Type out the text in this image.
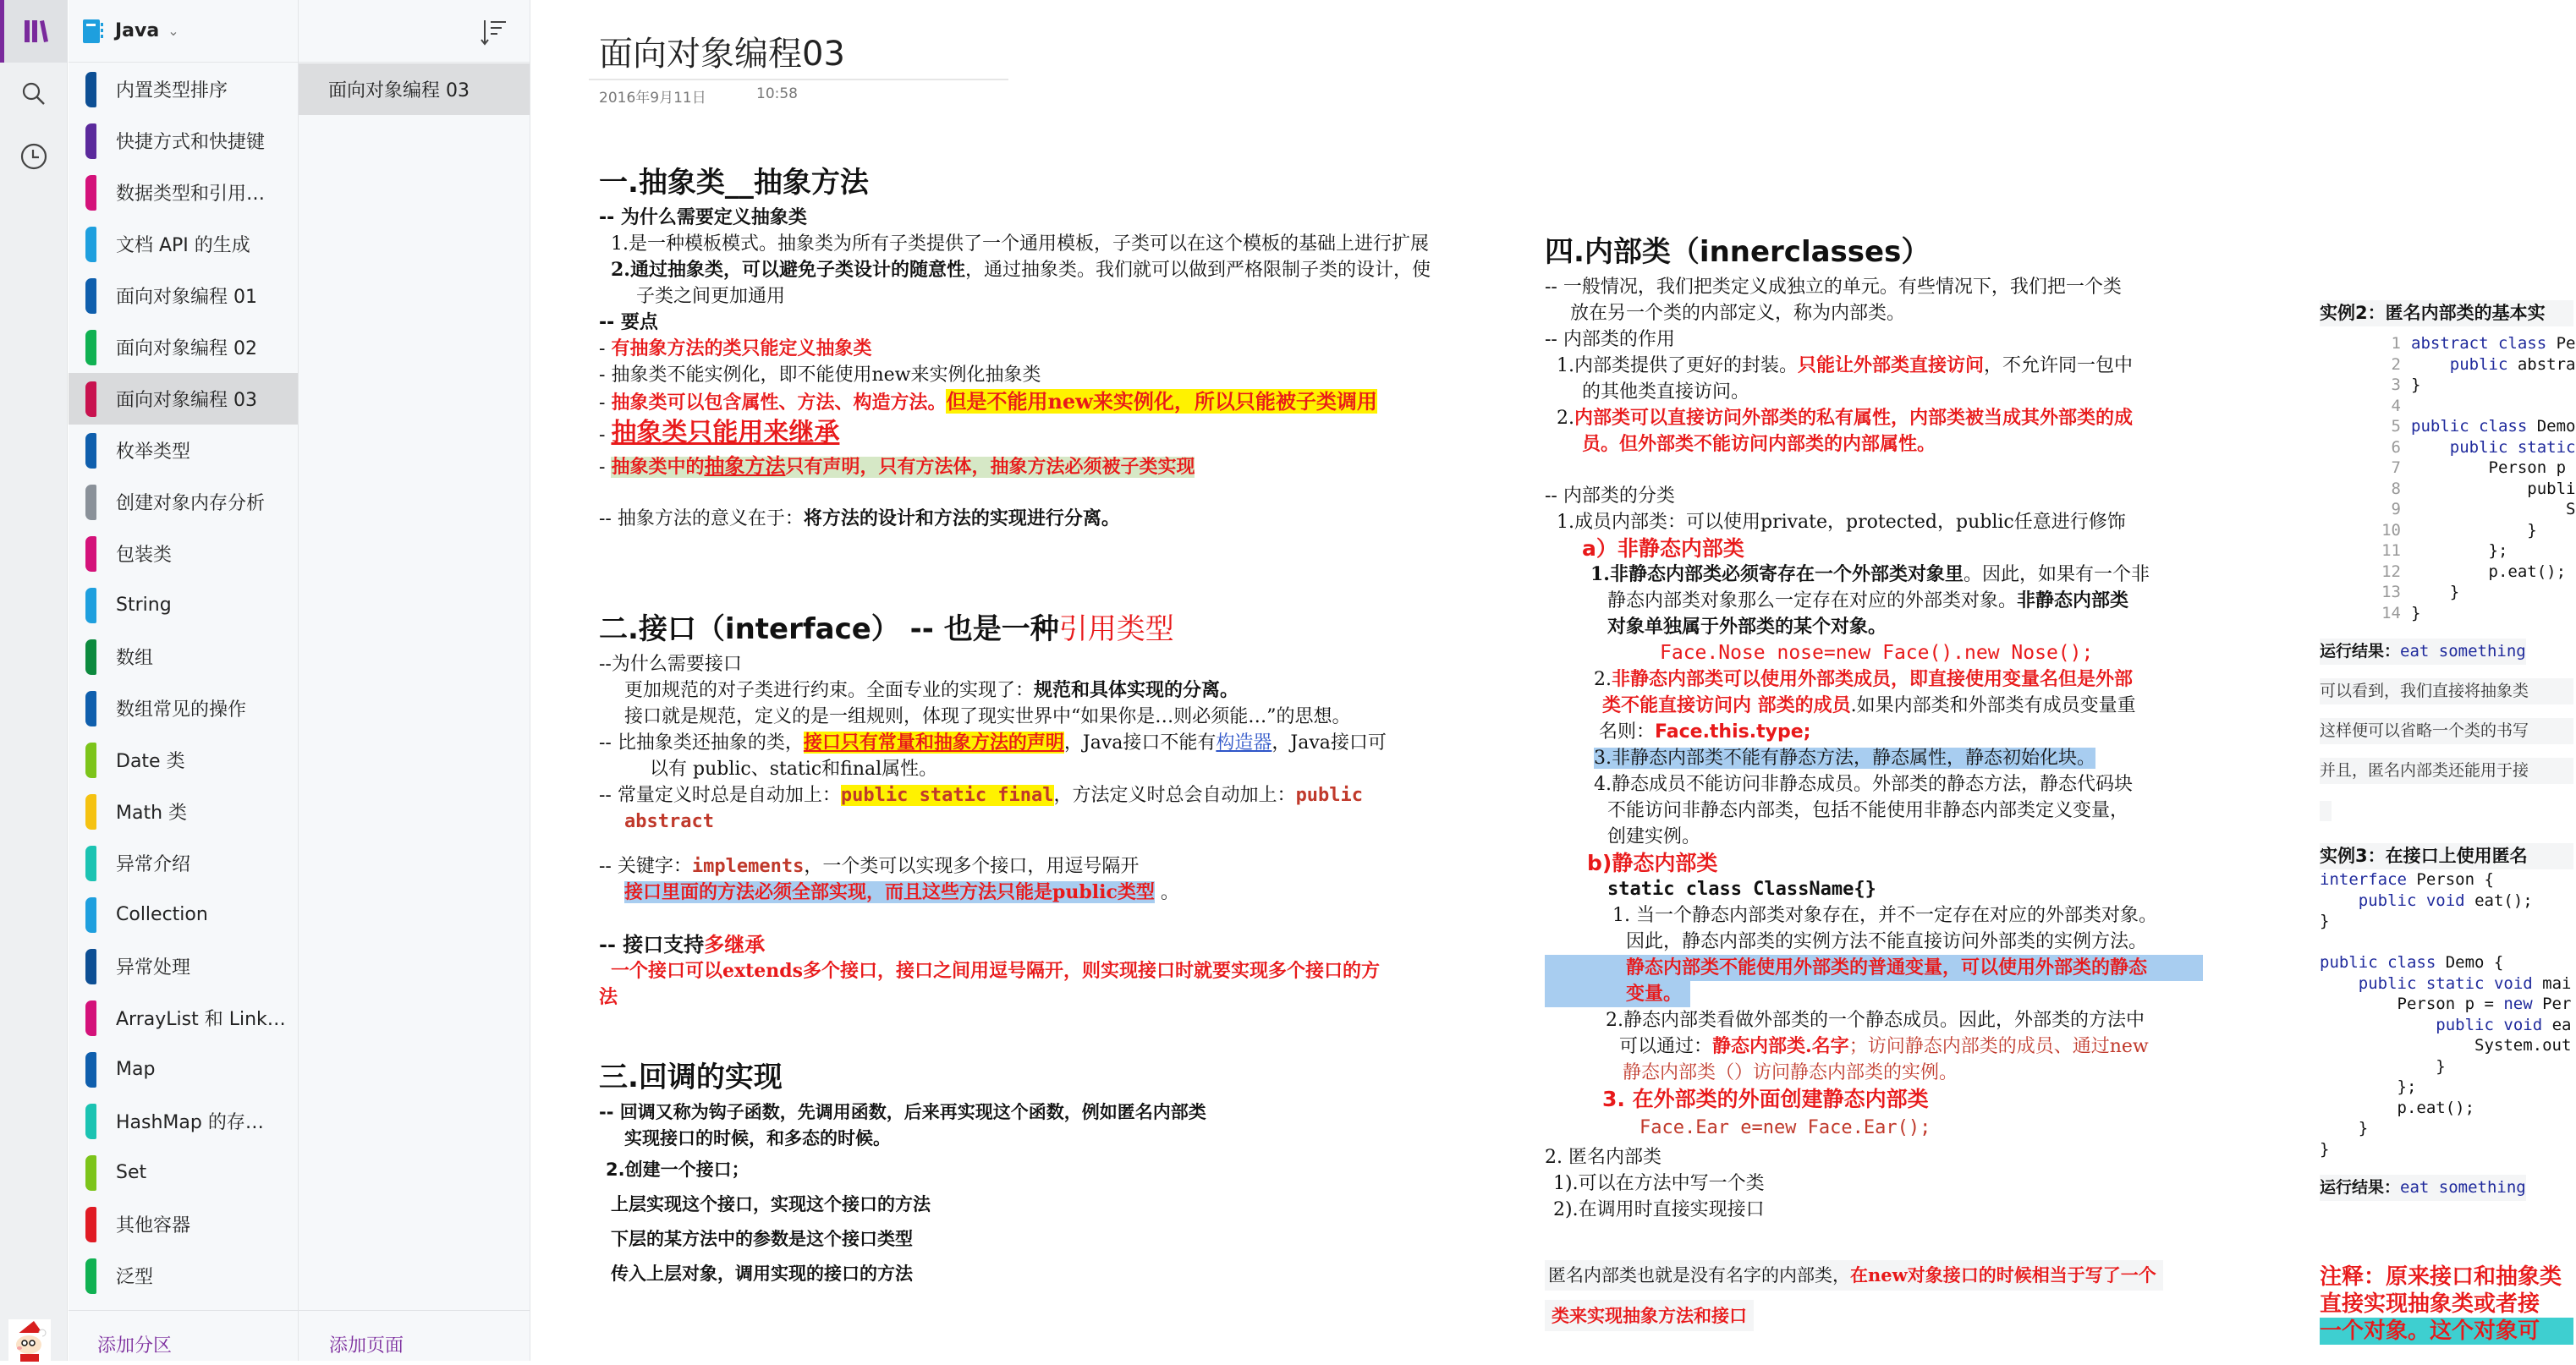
Java ⌄
内置类型排序
快捷方式和快捷键
数据类型和引用…
文档 API 的生成
面向对象编程 01
面向对象编程 02
面向对象编程 03
枚举类型
创建对象内存分析
包装类
String
数组
数组常见的操作
Date 类
Math 类
异常介绍
Collection
异常处理
ArrayList 和 Link…
Map
HashMap 的存…
Set
其他容器
泛型
添加分区
面向对象编程 03
添加页面
面向对象编程03
2016年9月11日	10:58
一.抽象类__抽象方法
-- 为什么需要定义抽象类
1.是一种模板模式。抽象类为所有子类提供了一个通用模板，子类可以在这个模板的基础上进行扩展
2.通过抽象类，可以避免子类设计的随意性，通过抽象类。我们就可以做到严格限制子类的设计，使
子类之间更加通用
-- 要点
- 有抽象方法的类只能定义抽象类
- 抽象类不能实例化，即不能使用new来实例化抽象类
- 抽象类可以包含属性、方法、构造方法。但是不能用new来实例化，所以只能被子类调用
- 抽象类只能用来继承
- 抽象类中的抽象方法只有声明，只有方法体，抽象方法必须被子类实现
-- 抽象方法的意义在于：将方法的设计和方法的实现进行分离。
二.接口（interface） -- 也是一种引用类型
--为什么需要接口
更加规范的对子类进行约束。全面专业的实现了：规范和具体实现的分离。
接口就是规范，定义的是一组规则，体现了现实世界中“如果你是…则必须能…”的思想。
-- 比抽象类还抽象的类，接口只有常量和抽象方法的声明，Java接口不能有构造器，Java接口可
以有 public、static和final属性。
-- 常量定义时总是自动加上：public static final，方法定义时总会自动加上：public
abstract
-- 关键字：implements，一个类可以实现多个接口，用逗号隔开
接口里面的方法必须全部实现，而且这些方法只能是public类型 。
-- 接口支持多继承
一个接口可以extends多个接口，接口之间用逗号隔开，则实现接口时就要实现多个接口的方
法
三.回调的实现
-- 回调又称为钩子函数，先调用函数，后来再实现这个函数，例如匿名内部类
实现接口的时候，和多态的时候。
2.创建一个接口；
上层实现这个接口，实现这个接口的方法
下层的某方法中的参数是这个接口类型
传入上层对象，调用实现的接口的方法
四.内部类（innerclasses）
-- 一般情况，我们把类定义成独立的单元。有些情况下，我们把一个类
放在另一个类的内部定义，称为内部类。
-- 内部类的作用
1.内部类提供了更好的封装。只能让外部类直接访问，不允许同一包中
的其他类直接访问。
2.内部类可以直接访问外部类的私有属性，内部类被当成其外部类的成
员。但外部类不能访问内部类的内部属性。
-- 内部类的分类
1.成员内部类：可以使用private，protected，public任意进行修饰
a）非静态内部类
1.非静态内部类必须寄存在一个外部类对象里。因此，如果有一个非
静态内部类对象那么一定存在对应的外部类对象。非静态内部类
对象单独属于外部类的某个对象。
Face.Nose nose=new Face().new Nose();
2.非静态内部类可以使用外部类成员，即直接使用变量名但是外部
类不能直接访问内 部类的成员.如果内部类和外部类有成员变量重
名则：Face.this.type;
3.非静态内部类不能有静态方法，静态属性，静态初始化块。
4.静态成员不能访问非静态成员。外部类的静态方法，静态代码块
不能访问非静态内部类，包括不能使用非静态内部类定义变量，
创建实例。
b)静态内部类
static class ClassName{}
1. 当一个静态内部类对象存在，并不一定存在对应的外部类对象。
因此，静态内部类的实例方法不能直接访问外部类的实例方法。
静态内部类不能使用外部类的普通变量，可以使用外部类的静态
变量。
2.静态内部类看做外部类的一个静态成员。因此，外部类的方法中
可以通过：静态内部类.名字；访问静态内部类的成员、通过new
静态内部类（）访问静态内部类的实例。
3. 在外部类的外面创建静态内部类
Face.Ear e=new Face.Ear();
2. 匿名内部类
1).可以在方法中写一个类
2).在调用时直接实现接口
匿名内部类也就是没有名字的内部类，在new对象接口的时候相当于写了一个
类来实现抽象方法和接口
实例2：匿名内部类的基本实
1 abstract class Pe
2	public abstra
3 }
4
5 public class Demo
6	public static
7        Person p
8            publi
9                S
10            }
11        };
12        p.eat();
13    }
14 }
运行结果：eat something
可以看到，我们直接将抽象类
这样便可以省略一个类的书写
并且，匿名内部类还能用于接
实例3：在接口上使用匿名
interface Person {
public void eat();
}

public class Demo {
public static void mai
Person p = new Per
public void ea
System.out
}
};
p.eat();
}
}
运行结果：eat something
注释：原来接口和抽象类
直接实现抽象类或者接
一个对象。这个对象可
